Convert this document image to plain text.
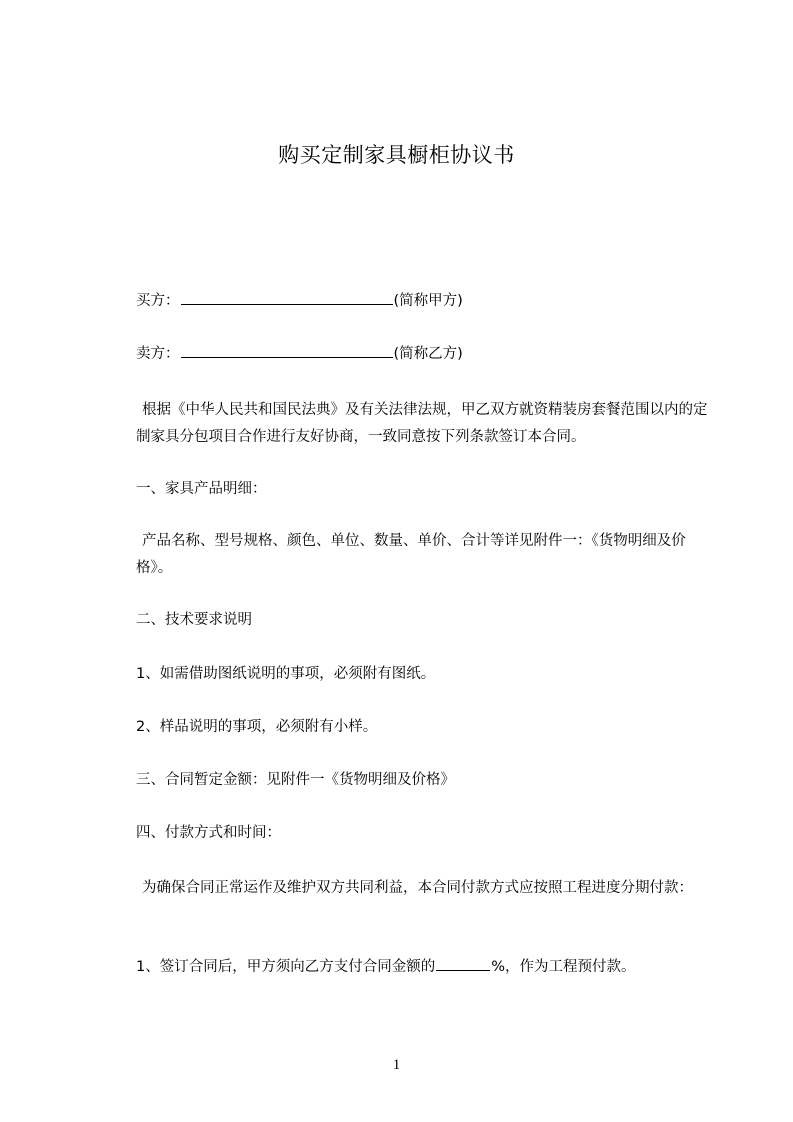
购买定制家具橱柜协议书
买方：	(简称甲方)
卖方：	(简称乙方)
根据《中华人民共和国民法典》及有关法律法规，甲乙双方就资精装房套餐范围以内的定制家具分包项目合作进行友好协商，一致同意按下列条款签订本合同。
一、家具产品明细：
产品名称、型号规格、颜色、单位、数量、单价、合计等详见附件一：《货物明细及价格》。
二、技术要求说明
1、如需借助图纸说明的事项，必须附有图纸。
2、样品说明的事项，必须附有小样。
三、合同暂定金额：见附件一《货物明细及价格》
四、付款方式和时间：
为确保合同正常运作及维护双方共同利益，本合同付款方式应按照工程进度分期付款：
1、签订合同后，甲方须向乙方支付合同金额的	%，作为工程预付款。
1
